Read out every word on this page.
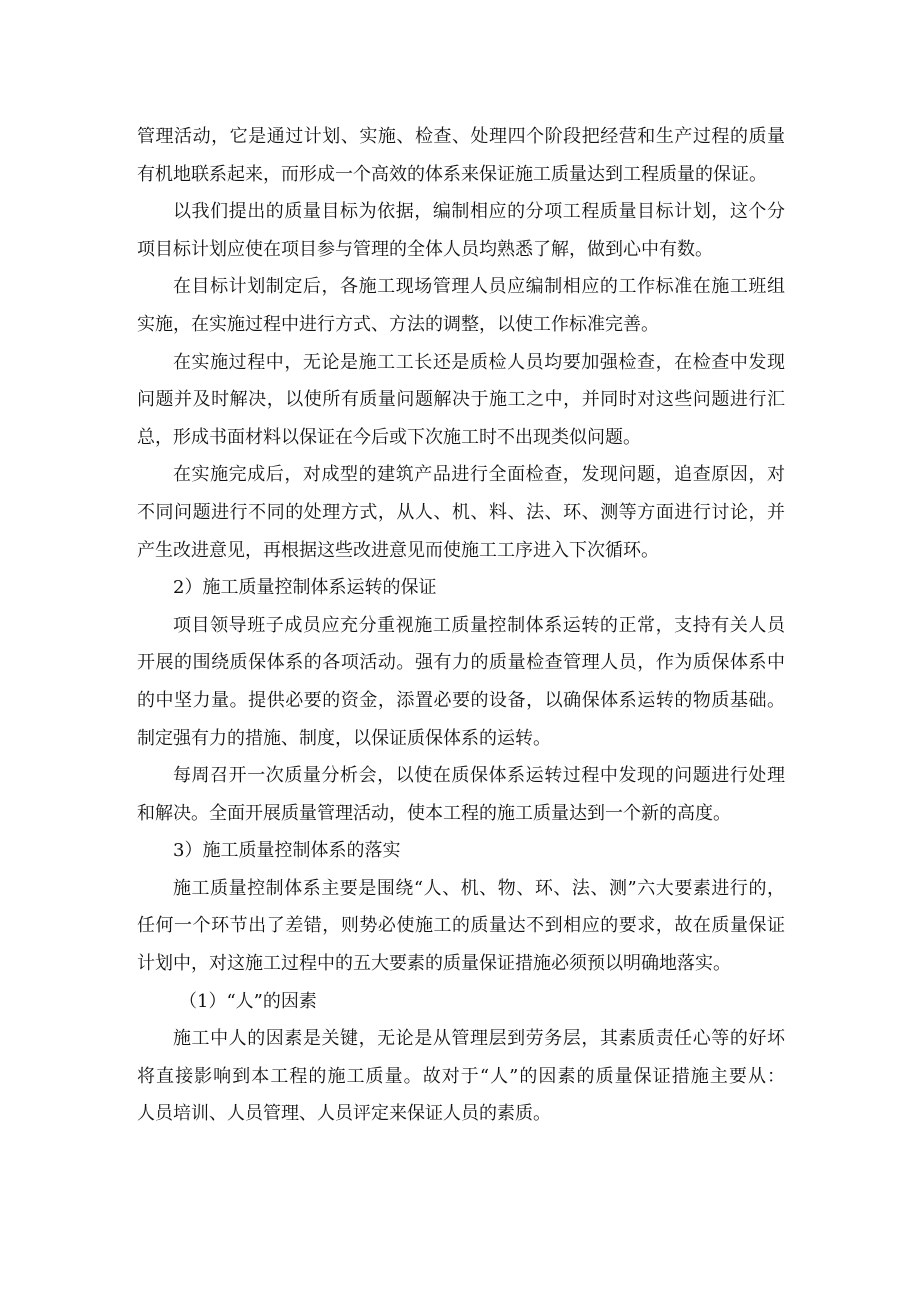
管理活动，它是通过计划、实施、检查、处理四个阶段把经营和生产过程的质量
有机地联系起来，而形成一个高效的体系来保证施工质量达到工程质量的保证。
以我们提出的质量目标为依据，编制相应的分项工程质量目标计划，这个分
项目标计划应使在项目参与管理的全体人员均熟悉了解，做到心中有数。
在目标计划制定后，各施工现场管理人员应编制相应的工作标准在施工班组
实施，在实施过程中进行方式、方法的调整，以使工作标准完善。
在实施过程中，无论是施工工长还是质检人员均要加强检查，在检查中发现
问题并及时解决，以使所有质量问题解决于施工之中，并同时对这些问题进行汇
总，形成书面材料以保证在今后或下次施工时不出现类似问题。
在实施完成后，对成型的建筑产品进行全面检查，发现问题，追查原因，对
不同问题进行不同的处理方式，从人、机、料、法、环、测等方面进行讨论，并
产生改进意见，再根据这些改进意见而使施工工序进入下次循环。
2）施工质量控制体系运转的保证
项目领导班子成员应充分重视施工质量控制体系运转的正常，支持有关人员
开展的围绕质保体系的各项活动。强有力的质量检查管理人员，作为质保体系中
的中坚力量。提供必要的资金，添置必要的设备，以确保体系运转的物质基础。
制定强有力的措施、制度，以保证质保体系的运转。
每周召开一次质量分析会，以使在质保体系运转过程中发现的问题进行处理
和解决。全面开展质量管理活动，使本工程的施工质量达到一个新的高度。
3）施工质量控制体系的落实
施工质量控制体系主要是围绕“人、机、物、环、法、测”六大要素进行的，
任何一个环节出了差错，则势必使施工的质量达不到相应的要求，故在质量保证
计划中，对这施工过程中的五大要素的质量保证措施必须预以明确地落实。
（1）“人”的因素
施工中人的因素是关键，无论是从管理层到劳务层，其素质责任心等的好坏
将直接影响到本工程的施工质量。故对于“人”的因素的质量保证措施主要从：
人员培训、人员管理、人员评定来保证人员的素质。
